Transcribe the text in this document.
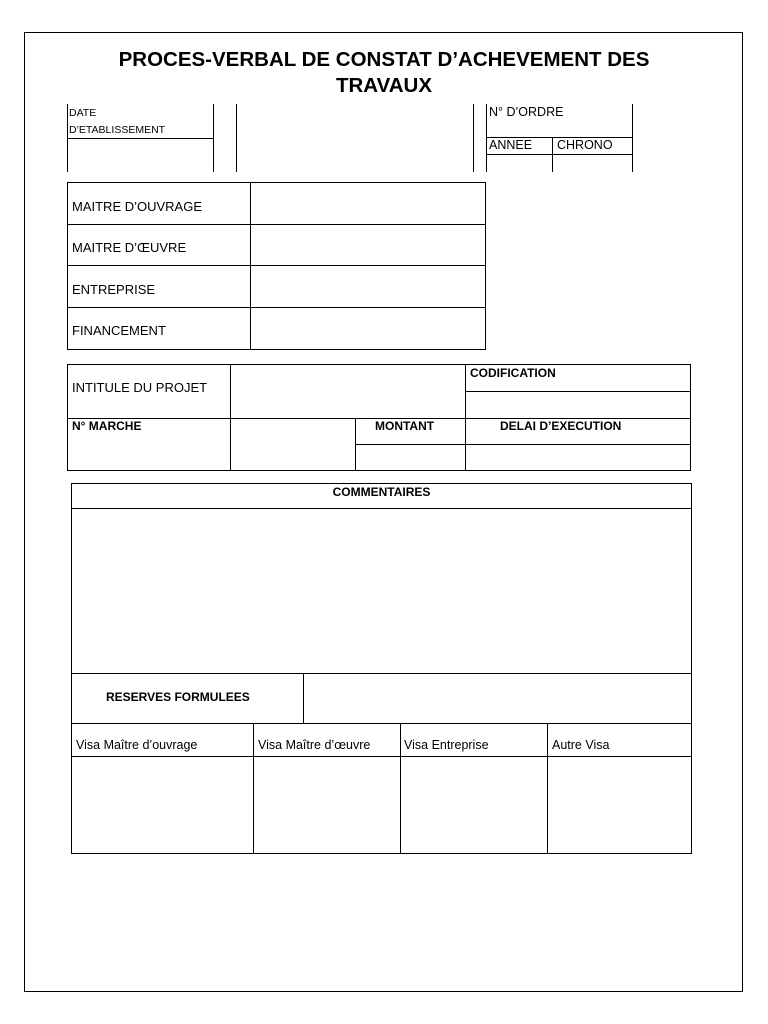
PROCES-VERBAL DE CONSTAT D’ACHEVEMENT DES
TRAVAUX
DATE
D’ETABLISSEMENT
N° D’ORDRE
ANNEE CHRONO
MAITRE D’OUVRAGE
MAITRE D’ŒUVRE
ENTREPRISE
FINANCEMENT
INTITULE DU PROJET
CODIFICATION
N° MARCHE	MONTANT	DELAI D’EXECUTION
COMMENTAIRES
RESERVES FORMULEES
Visa Maître d’ouvrage	Visa Maître d’œuvre	Visa Entreprise	Autre Visa
